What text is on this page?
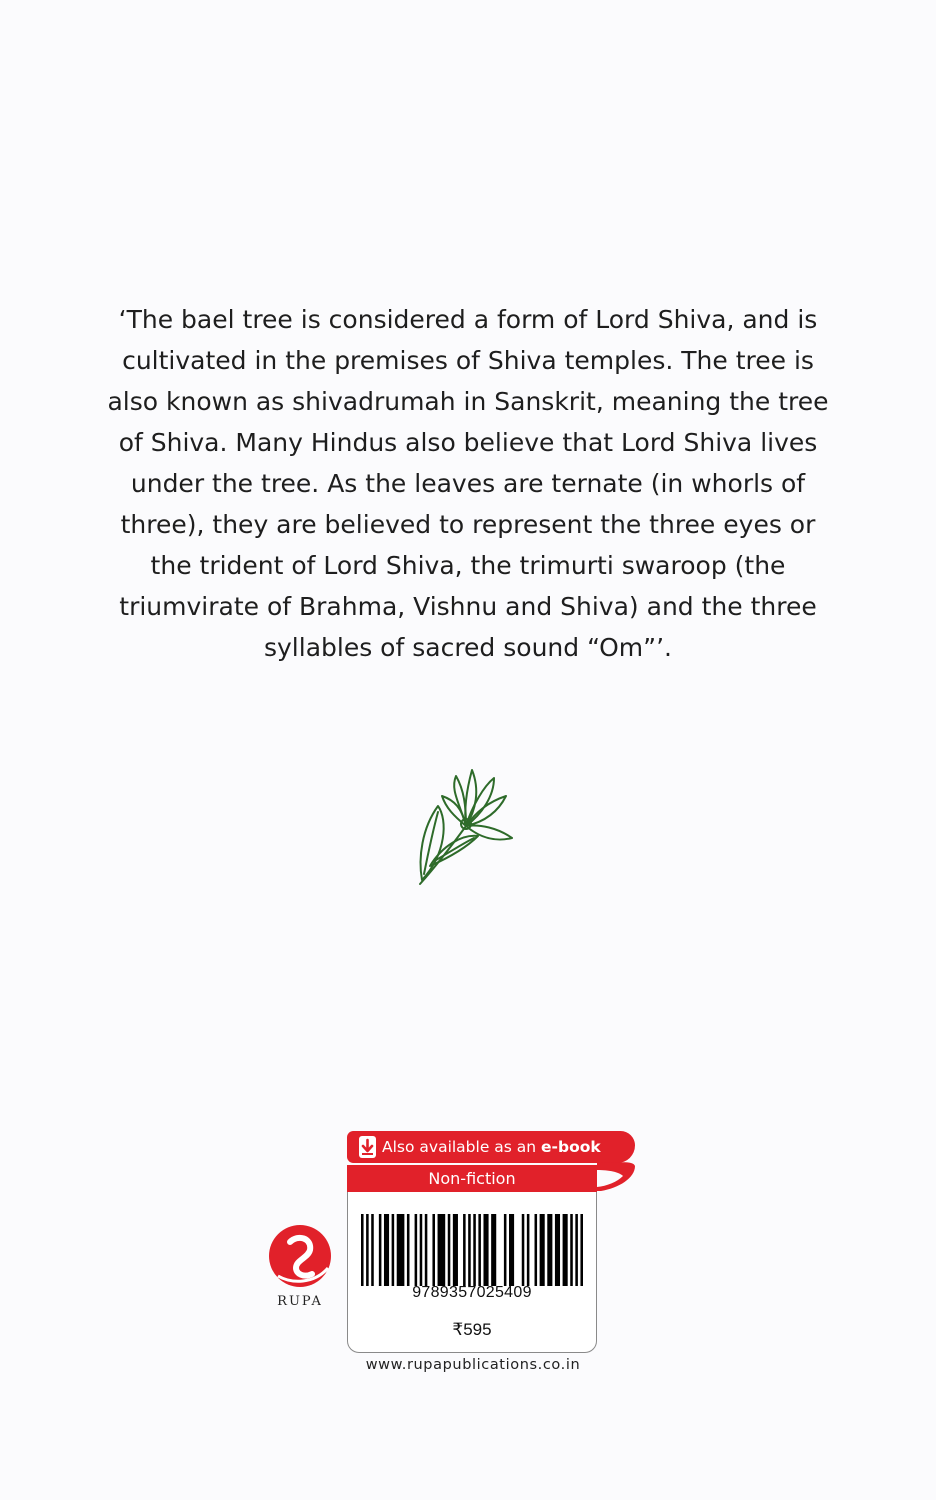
‘The bael tree is considered a form of Lord Shiva, and is
cultivated in the premises of Shiva temples. The tree is
also known as shivadrumah in Sanskrit, meaning the tree
of Shiva. Many Hindus also believe that Lord Shiva lives
under the tree. As the leaves are ternate (in whorls of
three), they are believed to represent the three eyes or
the trident of Lord Shiva, the trimurti swaroop (the
triumvirate of Brahma, Vishnu and Shiva) and the three
syllables of sacred sound “Om”’.
Also available as an e-book
Non-fiction
9789357025409
₹595
RUPA
www.rupapublications.co.in
